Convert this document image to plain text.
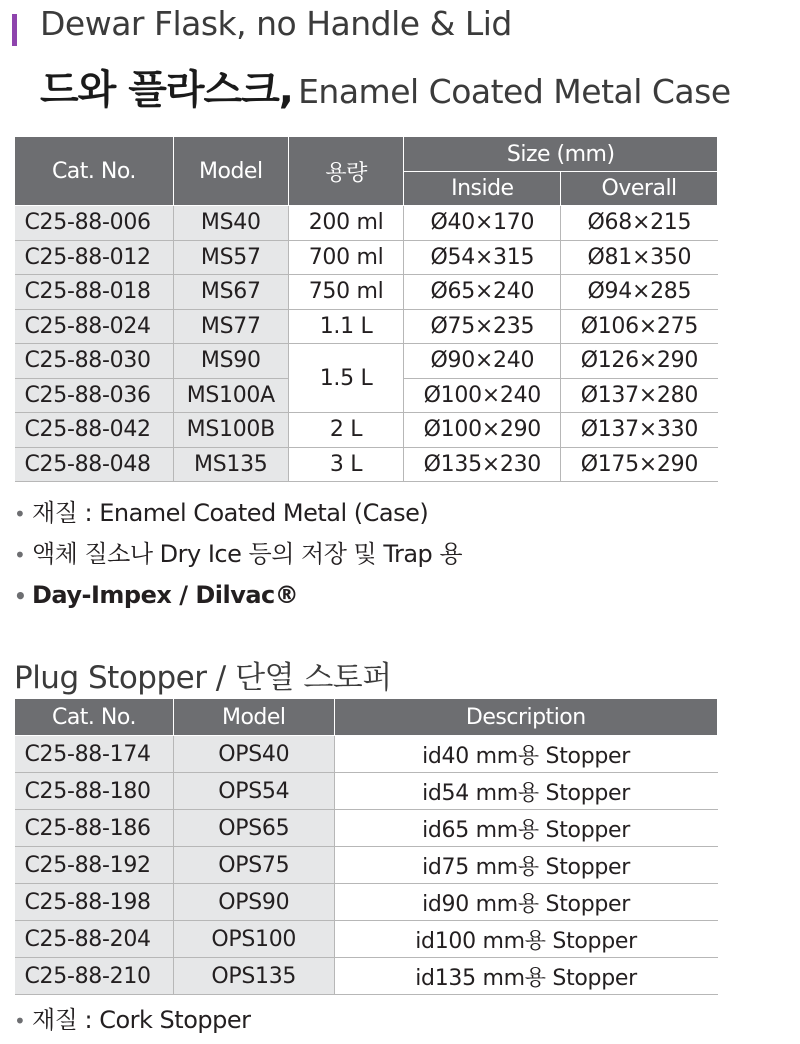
Dewar Flask, no Handle & Lid
드와 플라스크, Enamel Coated Metal Case
Cat. No.	Model	용량	Size (mm)	
			Inside	Overall
C25-88-006	MS40	200 ml	Ø40×170	Ø68×215
C25-88-012	MS57	700 ml	Ø54×315	Ø81×350
C25-88-018	MS67	750 ml	Ø65×240	Ø94×285
C25-88-024	MS77	1.1 L	Ø75×235	Ø106×275
C25-88-030	MS90	1.5 L	Ø90×240	Ø126×290
C25-88-036	MS100A		Ø100×240	Ø137×280
C25-88-042	MS100B	2 L	Ø100×290	Ø137×330
C25-88-048	MS135	3 L	Ø135×230	Ø175×290
• 재질 : Enamel Coated Metal (Case)
• 액체 질소나 Dry Ice 등의 저장 및 Trap 용
• Day-Impex / Dilvac®
Plug Stopper / 단열 스토퍼
Cat. No.	Model	Description
C25-88-174	OPS40	id40 mm용 Stopper
C25-88-180	OPS54	id54 mm용 Stopper
C25-88-186	OPS65	id65 mm용 Stopper
C25-88-192	OPS75	id75 mm용 Stopper
C25-88-198	OPS90	id90 mm용 Stopper
C25-88-204	OPS100	id100 mm용 Stopper
C25-88-210	OPS135	id135 mm용 Stopper
• 재질 : Cork Stopper
